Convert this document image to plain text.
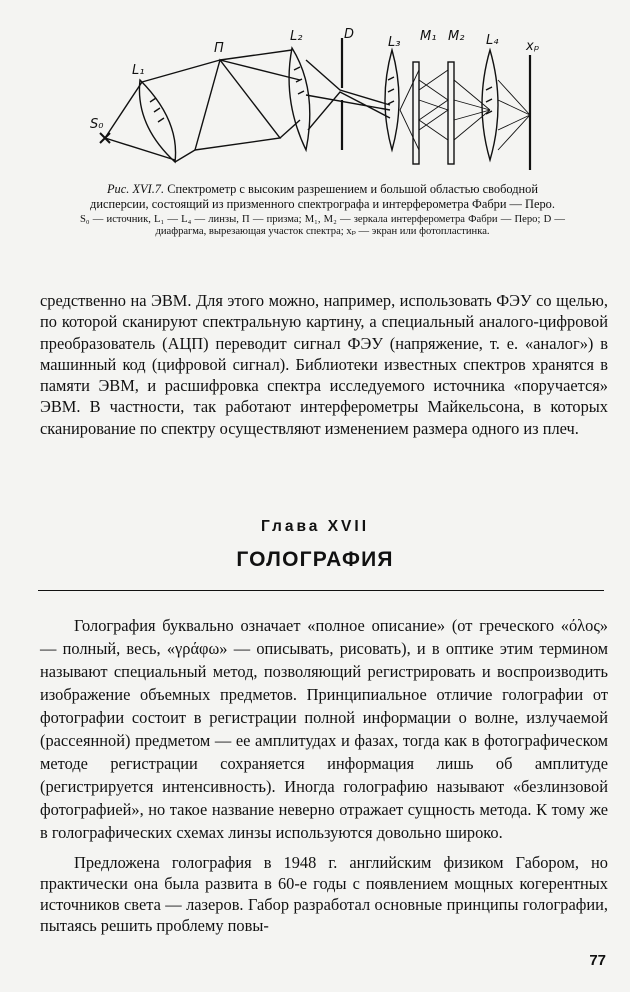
S₀
L₁
П
L₂	D
L₃ M₁ M₂ L₄ xₚ
Рис. XVI.7. Спектрометр с высоким разрешением и большой областью свободной дисперсии, состоящий из призменного спектрографа и интерферометра Фабри — Перо.
S₀ — источник, L₁ — L₄ — линзы, П — призма; M₁, M₂ — зеркала интерферометра Фабри — Перо; D — диафрагма, вырезающая участок спектра; xₚ — экран или фотопластинка.
средственно на ЭВМ. Для этого можно, например, использовать ФЭУ со щелью, по которой сканируют спектральную картину, а специальный аналого-цифровой преобразователь (АЦП) переводит сигнал ФЭУ (напряжение, т. е. «аналог») в машинный код (цифровой сигнал). Библиотеки известных спектров хранятся в памяти ЭВМ, и расшифровка спектра исследуемого источника «поручается» ЭВМ. В частности, так работают интерферометры Майкельсона, в которых сканирование по спектру осуществляют изменением размера одного из плеч.
Глава XVII
ГОЛОГРАФИЯ
Голография буквально означает «полное описание» (от греческого «όλος» — полный, весь, «γράφω» — описывать, рисовать), и в оптике этим термином называют специальный метод, позволяющий регистрировать и воспроизводить изображение объемных предметов. Принципиальное отличие голографии от фотографии состоит в регистрации полной информации о волне, излучаемой (рассеянной) предметом — ее амплитудах и фазах, тогда как в фотографическом методе регистрации сохраняется информация лишь об амплитуде (регистрируется интенсивность). Иногда голографию называют «безлинзовой фотографией», но такое название неверно отражает сущность метода. К тому же в голографических схемах линзы используются довольно широко.
Предложена голография в 1948 г. английским физиком Габором, но практически она была развита в 60-е годы с появлением мощных когерентных источников света — лазеров. Габор разработал основные принципы голографии, пытаясь решить проблему повы-
77
